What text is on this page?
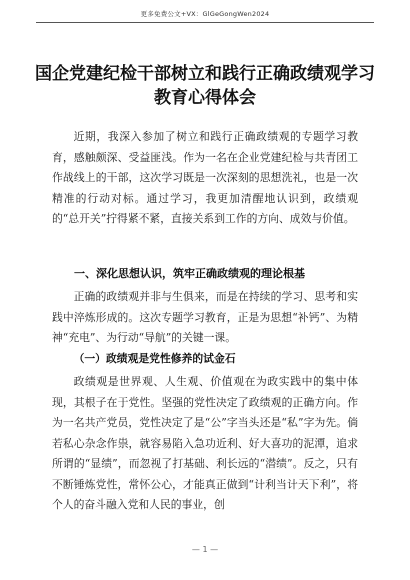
更多免费公文+VX：GlGeGongWen2024
国企党建纪检干部树立和践行正确政绩观学习教育心得体会

近期，我深入参加了树立和践行正确政绩观的专题学习教育，感触颇深、受益匪浅。作为一名在企业党建纪检与共青团工作战线上的干部，这次学习既是一次深刻的思想洗礼，也是一次精准的行动对标。通过学习，我更加清醒地认识到，政绩观的“总开关”拧得紧不紧，直接关系到工作的方向、成效与价值。

一、深化思想认识，筑牢正确政绩观的理论根基

正确的政绩观并非与生俱来，而是在持续的学习、思考和实践中淬炼形成的。这次专题学习教育，正是为思想“补钙”、为精神“充电”、为行动“导航”的关键一课。

（一）政绩观是党性修养的试金石

政绩观是世界观、人生观、价值观在为政实践中的集中体现，其根子在于党性。坚强的党性决定了政绩观的正确方向。作为一名共产党员，党性决定了是“公”字当头还是“私”字为先。倘若私心杂念作祟，就容易陷入急功近利、好大喜功的泥潭，追求所谓的“显绩”，而忽视了打基础、利长远的“潜绩”。反之，只有不断锤炼党性，常怀公心，才能真正做到“计利当计天下利”，将个人的奋斗融入党和人民的事业，创

— 1 —
